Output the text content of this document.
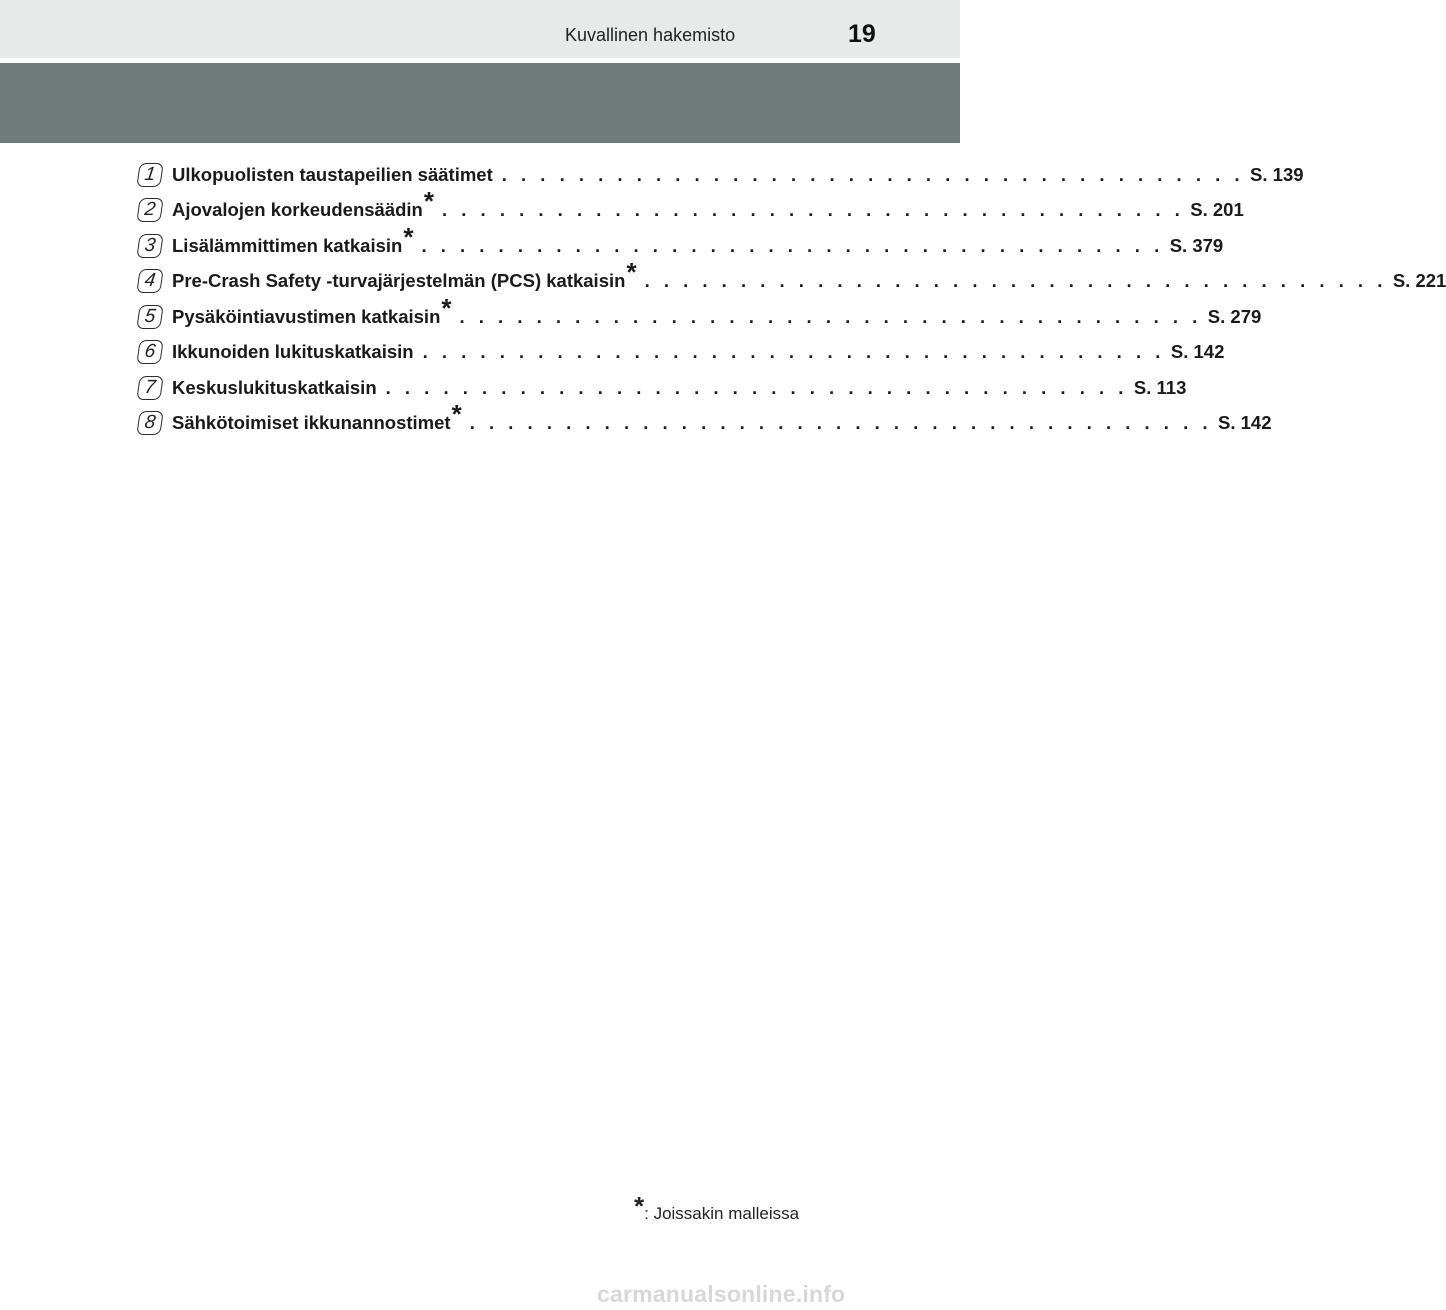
Kuvallinen hakemisto	19
1 Ulkopuolisten taustapeilien säätimet . . . . . . . . . . . . . . . . . . . . . . . . . . . . . . . . . . . . . . . S. 139
2 Ajovalojen korkeudensäädin* . . . . . . . . . . . . . . . . . . . . . . . . . . . . . . . . . . . . . . . S. 201
3 Lisälämmittimen katkaisin* . . . . . . . . . . . . . . . . . . . . . . . . . . . . . . . . . . . . . . . S. 379
4 Pre-Crash Safety -turvajärjestelmän (PCS) katkaisin* . . . . . . . . . . . . . . . . . . . . . . . . . . . . . . . . . . . . . . . S. 221
5 Pysäköintiavustimen katkaisin* . . . . . . . . . . . . . . . . . . . . . . . . . . . . . . . . . . . . . . . S. 279
6 Ikkunoiden lukituskatkaisin . . . . . . . . . . . . . . . . . . . . . . . . . . . . . . . . . . . . . . . S. 142
7 Keskuslukituskatkaisin . . . . . . . . . . . . . . . . . . . . . . . . . . . . . . . . . . . . . . . S. 113
8 Sähkötoimiset ikkunannostimet* . . . . . . . . . . . . . . . . . . . . . . . . . . . . . . . . . . . . . . . S. 142
*: Joissakin malleissa
carmanualsonline.info
